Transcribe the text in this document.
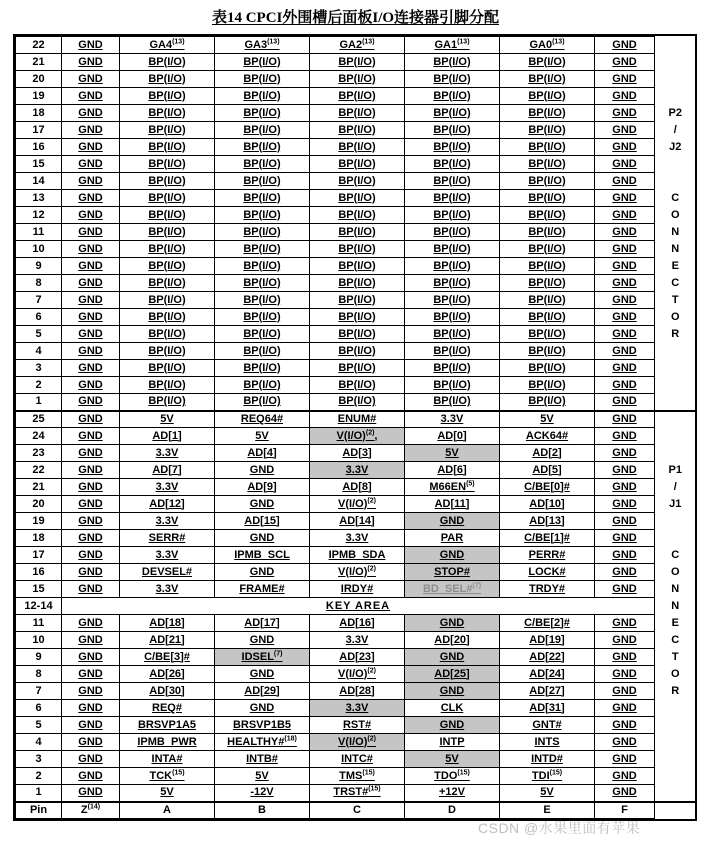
表14 CPCI外围槽后面板I/O连接器引脚分配
22	GND	GA4$^{(13)}$	GA3$^{(13)}$	GA2$^{(13)}$	GA1$^{(13)}$	GA0$^{(13)}$	GND	
21	GND	BP(I/O)	BP(I/O)	BP(I/O)	BP(I/O)	BP(I/O)	GND	
20	GND	BP(I/O)	BP(I/O)	BP(I/O)	BP(I/O)	BP(I/O)	GND	
19	GND	BP(I/O)	BP(I/O)	BP(I/O)	BP(I/O)	BP(I/O)	GND	
18	GND	BP(I/O)	BP(I/O)	BP(I/O)	BP(I/O)	BP(I/O)	GND	P2
17	GND	BP(I/O)	BP(I/O)	BP(I/O)	BP(I/O)	BP(I/O)	GND	/
16	GND	BP(I/O)	BP(I/O)	BP(I/O)	BP(I/O)	BP(I/O)	GND	J2
15	GND	BP(I/O)	BP(I/O)	BP(I/O)	BP(I/O)	BP(I/O)	GND	
14	GND	BP(I/O)	BP(I/O)	BP(I/O)	BP(I/O)	BP(I/O)	GND	
13	GND	BP(I/O)	BP(I/O)	BP(I/O)	BP(I/O)	BP(I/O)	GND	C
12	GND	BP(I/O)	BP(I/O)	BP(I/O)	BP(I/O)	BP(I/O)	GND	O
11	GND	BP(I/O)	BP(I/O)	BP(I/O)	BP(I/O)	BP(I/O)	GND	N
10	GND	BP(I/O)	BP(I/O)	BP(I/O)	BP(I/O)	BP(I/O)	GND	N
9	GND	BP(I/O)	BP(I/O)	BP(I/O)	BP(I/O)	BP(I/O)	GND	E
8	GND	BP(I/O)	BP(I/O)	BP(I/O)	BP(I/O)	BP(I/O)	GND	C
7	GND	BP(I/O)	BP(I/O)	BP(I/O)	BP(I/O)	BP(I/O)	GND	T
6	GND	BP(I/O)	BP(I/O)	BP(I/O)	BP(I/O)	BP(I/O)	GND	O
5	GND	BP(I/O)	BP(I/O)	BP(I/O)	BP(I/O)	BP(I/O)	GND	R
4	GND	BP(I/O)	BP(I/O)	BP(I/O)	BP(I/O)	BP(I/O)	GND	
3	GND	BP(I/O)	BP(I/O)	BP(I/O)	BP(I/O)	BP(I/O)	GND	
2	GND	BP(I/O)	BP(I/O)	BP(I/O)	BP(I/O)	BP(I/O)	GND	
1	GND	BP(I/O)	BP(I/O)	BP(I/O)	BP(I/O)	BP(I/O)	GND	
25	GND	5V	REQ64#	ENUM#	3.3V	5V	GND	
24	GND	AD[1]	5V	$V(I/O)^{(2)}$,	AD[0]	ACK64#	GND	
23	GND	3.3V	AD[4]	AD[3]	5V	AD[2]	GND	
22	GND	AD[7]	GND	3.3V	AD[6]	AD[5]	GND	P1
21	GND	3.3V	AD[9]	AD[8]	M66EN$^{(5)}$	C/BE[0]#	GND	/
20	GND	AD[12]	GND	$V(I/O)^{(2)}$	AD[11]	AD[10]	GND	J1
19	GND	3.3V	AD[15]	AD[14]	GND	AD[13]	GND	
18	GND	SERR#	GND	3.3V	PAR	C/BE[1]#	GND	
17	GND	3.3V	IPMB_SCL	IPMB_SDA	GND	PERR#	GND	C
16	GND	DEVSEL#	GND	$V(I/O)^{(2)}$	STOP#	LOCK#	GND	O
15	GND	3.3V	FRAME#	IRDY#	BD_SEL#$^{(7)}$	TRDY#	GND	N
12-14	KEY AREA							N
11	GND	AD[18]	AD[17]	AD[16]	GND	C/BE[2]#	GND	E
10	GND	AD[21]	GND	3.3V	AD[20]	AD[19]	GND	C
9	GND	C/BE[3]#	IDSEL$^{(7)}$	AD[23]	GND	AD[22]	GND	T
8	GND	AD[26]	GND	$V(I/O)^{(2)}$	AD[25]	AD[24]	GND	O
7	GND	AD[30]	AD[29]	AD[28]	GND	AD[27]	GND	R
6	GND	REQ#	GND	3.3V	CLK	AD[31]	GND	
5	GND	BRSVP1A5	BRSVP1B5	RST#	GND	GNT#	GND	
4	GND	IPMB_PWR	HEALTHY#$^{(18)}$	$V(I/O)^{(2)}$	INTP	INTS	GND	
3	GND	INTA#	INTB#	INTC#	5V	INTD#	GND	
2	GND	TCK$^{(15)}$	5V	TMS$^{(15)}$	TDO$^{(15)}$	TDI$^{(15)}$	GND	
1	GND	5V	-12V	TRST#$^{(15)}$	+12V	5V	GND	
Pin	$Z^{(14)}$	A	B	C	D	E	F	
CSDN @水果里面有苹果
